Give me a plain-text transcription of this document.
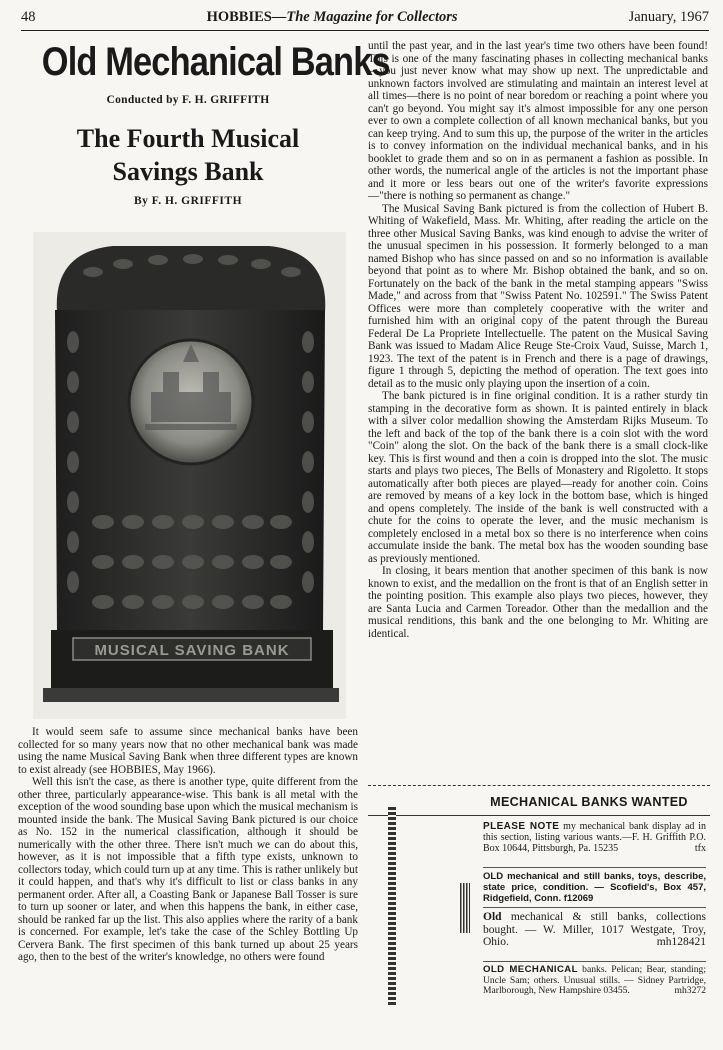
48	HOBBIES—The Magazine for Collectors	January, 1967
Old Mechanical Banks
Conducted by F. H. GRIFFITH
The Fourth Musical
Savings Bank
By F. H. GRIFFITH
MUSICAL SAVING BANK

It would seem safe to assume since mechanical banks have been collected for so many years now that no other mechanical bank was made using the name Musical Saving Bank when three different types are known to exist already (see HOBBIES, May 1966).

Well this isn't the case, as there is another type, quite different from the other three, particularly appearance-wise. This bank is all metal with the exception of the wood sounding base upon which the musical mechanism is mounted inside the bank. The Musical Saving Bank pictured is our choice as No. 152 in the numerical classification, although it should be numerically with the other three. There isn't much we can do about this, however, as it is not impossible that a fifth type exists, unknown to collectors today, which could turn up at any time. This is rather unlikely but it could happen, and that's why it's difficult to list or class banks in any permanent order. After all, a Coasting Bank or Japanese Ball Tosser is sure to turn up sooner or later, and when this happens the bank, in either case, should be ranked far up the list. This also applies where the rarity of a bank is concerned. For example, let's take the case of the Schley Bottling Up Cervera Bank. The first specimen of this bank turned up about 25 years ago, then to the best of the writer's knowledge, no others were found

until the past year, and in the last year's time two others have been found! This is one of the many fascinating phases in collecting mechanical banks—you just never know what may show up next. The unpredictable and unknown factors involved are stimulating and maintain an interest level at all times—there is no point of near boredom or reaching a point where you can't go beyond. You might say it's almost impossible for any one person ever to own a complete collection of all known mechanical banks, but you can keep trying. And to sum this up, the purpose of the writer in the articles is to convey information on the individual mechanical banks, and in his booklet to grade them and so on in as permanent a fashion as possible. In other words, the numerical angle of the articles is not the important phase and it more or less bears out one of the writer's favorite expressions—"there is nothing so permanent as change."

The Musical Saving Bank pictured is from the collection of Hubert B. Whiting of Wakefield, Mass. Mr. Whiting, after reading the article on the three other Musical Saving Banks, was kind enough to advise the writer of the unusual specimen in his possession. It formerly belonged to a man named Bishop who has since passed on and so no information is available beyond that point as to where Mr. Bishop obtained the bank, and so on. Fortunately on the back of the bank in the metal stamping appears "Swiss Made," and across from that "Swiss Patent No. 102591." The Swiss Patent Offices were more than completely cooperative with the writer and furnished him with an original copy of the patent through the Bureau Federal De La Propriete Intellectuelle. The patent on the Musical Saving Bank was issued to Madam Alice Reuge Ste-Croix Vaud, Suisse, March 1, 1923. The text of the patent is in French and there is a page of drawings, figure 1 through 5, depicting the method of operation. The text goes into detail as to the music only playing upon the insertion of a coin.

The bank pictured is in fine original condition. It is a rather sturdy tin stamping in the decorative form as shown. It is painted entirely in black with a silver color medallion showing the Amsterdam Rijks Museum. To the left and back of the top of the bank there is a coin slot with the word "Coin" along the slot. On the back of the bank there is a small clock-like key. This is first wound and then a coin is dropped into the slot. The music starts and plays two pieces, The Bells of Monastery and Rigoletto. It stops automatically after both pieces are played—ready for another coin. Coins are removed by means of a key lock in the bottom base, which is hinged and opens completely. The inside of the bank is well constructed with a chute for the coins to operate the lever, and the music mechanism is completely enclosed in a metal box so there is no interference when coins accumulate inside the bank. The metal box has the wooden sounding base as previously mentioned.

In closing, it bears mention that another specimen of this bank is now known to exist, and the medallion on the front is that of an English setter in the pointing position. This example also plays two pieces, however, they are Santa Lucia and Carmen Toreador. Other than the medallion and the musical renditions, this bank and the one belonging to Mr. Whiting are identical.

MECHANICAL BANKS WANTED
PLEASE NOTE my mechanical bank display ad in this section, listing various wants.—F. H. Griffith P.O. Box 10644, Pittsburgh, Pa. 15235	tfx
OLD mechanical and still banks, toys, describe, state price, condition. — Scofield's, Box 457, Ridgefield, Conn. f12069
Old mechanical & still banks, collections bought. — W. Miller, 1017 Westgate, Troy, Ohio.	mh128421
OLD MECHANICAL banks. Pelican; Bear, standing; Uncle Sam; others. Unusual stills. — Sidney Partridge, Marlborough, New Hampshire 03455.	mh3272
